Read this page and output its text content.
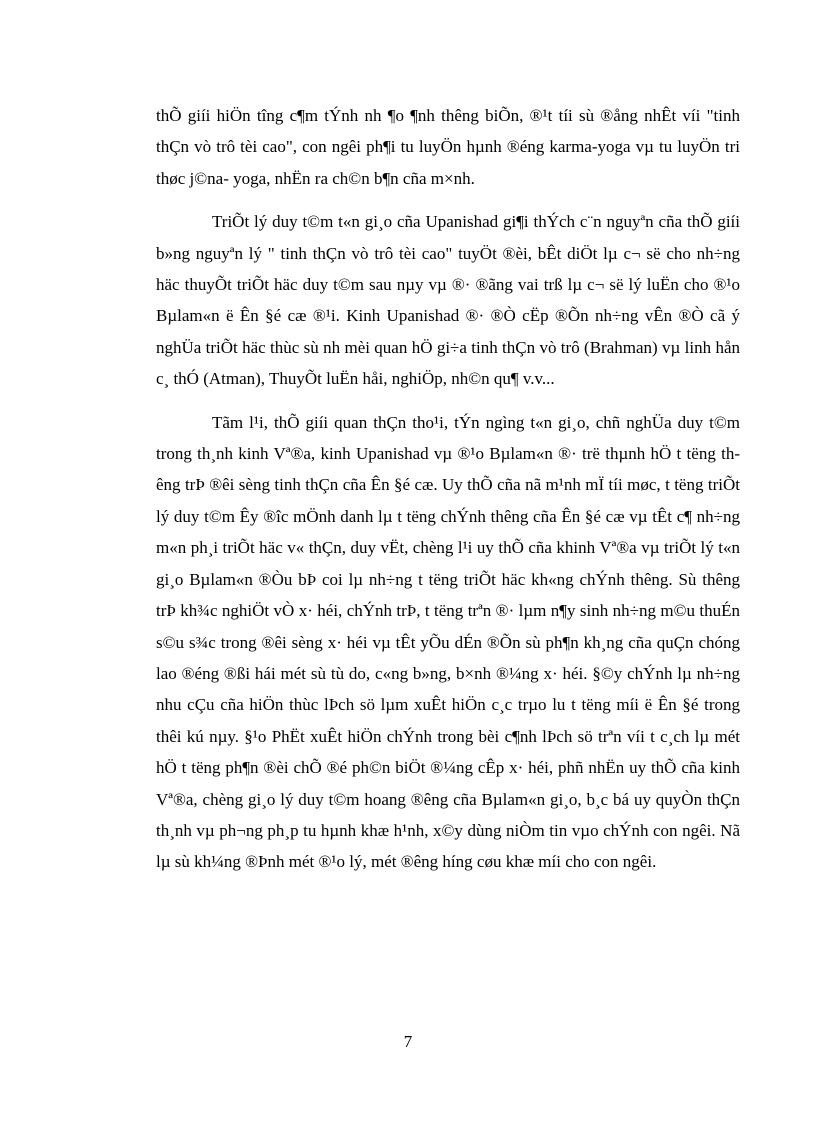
thÕ giíi hiÖn tîng c¶m tÝnh nh ¶o ¶nh thêng biÕn, ®¹t tíi sù ®ång nhÊt víi "tinh thÇn vò trô tèi cao", con ngêi ph¶i tu luyÖn hµnh ®éng karma-yoga vµ tu luyÖn tri thøc j©na- yoga, nhËn ra ch©n b¶n cña m×nh.

TriÕt lý duy t©m t«n gi¸o cña Upanishad gi¶i thÝch c¨n nguyªn cña thÕ giíi b»ng nguyªn lý " tinh thÇn vò trô tèi cao" tuyÖt ®èi, bÊt diÖt lµ c¬ së cho nh÷ng häc thuyÕt triÕt häc duy t©m sau nµy vµ ®· ®ãng vai trß lµ c¬ së lý luËn cho ®¹o Bµlam«n ë Ên §é cæ ®¹i. Kinh Upanishad ®· ®Ò cËp ®Õn nh÷ng vÊn ®Ò cã ý nghÜa triÕt häc thùc sù nh mèi quan hÖ gi÷a tinh thÇn vò trô (Brahman) vµ linh hån c¸ thÓ (Atman), ThuyÕt luËn håi, nghiÖp, nh©n qu¶ v.v...

Tãm l¹i, thÕ giíi quan thÇn tho¹i, tÝn ngìng t«n gi¸o, chñ nghÜa duy t©m trong th¸nh kinh Vª®a, kinh Upanishad vµ ®¹o Bµlam«n ®· trë thµnh hÖ t tëng thêng trÞ ®êi sèng tinh thÇn cña Ên §é cæ. Uy thÕ cña nã m¹nh mÏ tíi møc, t tëng triÕt lý duy t©m Êy ®îc mÖnh danh lµ t tëng chÝnh thêng cña Ên §é cæ vµ tÊt c¶ nh÷ng m«n ph¸i triÕt häc v« thÇn, duy vËt, chèng l¹i uy thÕ cña khinh Vª®a vµ triÕt lý t«n gi¸o Bµlam«n ®Òu bÞ coi lµ nh÷ng t tëng triÕt häc kh«ng chÝnh thêng. Sù thêng trÞ kh¾c nghiÖt vÒ x· héi, chÝnh trÞ, t tëng trªn ®· lµm n¶y sinh nh÷ng m©u thuÉn s©u s¾c trong ®êi sèng x· héi vµ tÊt yÕu dÉn ®Õn sù ph¶n kh¸ng cña quÇn chóng lao ®éng ®ßi hái mét sù tù do, c«ng b»ng, b×nh ®¼ng x· héi. §©y chÝnh lµ nh÷ng nhu cÇu cña hiÖn thùc lÞch sö lµm xuÊt hiÖn c¸c trµo lu t tëng míi ë Ên §é trong thêi kú nµy. §¹o PhËt xuÊt hiÖn chÝnh trong bèi c¶nh lÞch sö trªn víi t c¸ch lµ mét hÖ t tëng ph¶n ®èi chÕ ®é ph©n biÖt ®¼ng cÊp x· héi, phñ nhËn uy thÕ cña kinh Vª®a, chèng gi¸o lý duy t©m hoang ®êng cña Bµlam«n gi¸o, b¸c bá uy quyÒn thÇn th¸nh vµ ph¬ng ph¸p tu hµnh khæ h¹nh, x©y dùng niÒm tin vµo chÝnh con ngêi. Nã lµ sù kh¼ng ®Þnh mét ®¹o lý, mét ®êng híng cøu khæ míi cho con ngêi.

7
